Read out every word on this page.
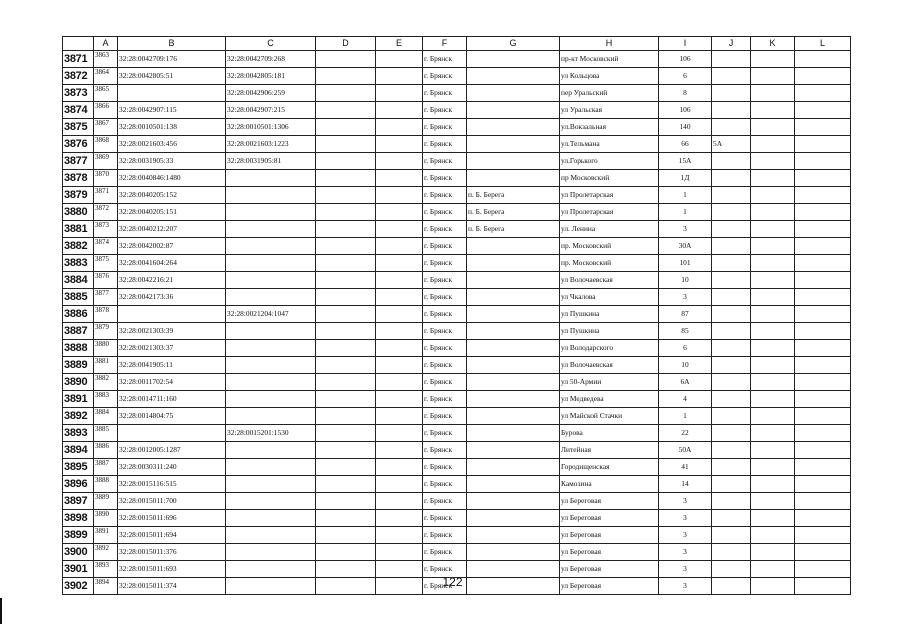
	A	B	C	D	E	F	G	H	I	J	K	L
3871	3863	32:28:0042709:176	32:28:0042709:268			г. Брянск		пр-кт Московский	106			
3872	3864	32:28:0042805:51	32:28:0042805:181			г. Брянск		ул Кольцова	6			
3873	3865		32:28:0042906:259			г. Брянск		пер Уральский	8			
3874	3866	32:28:0042907:115	32:28:0042907:215			г. Брянск		ул Уральская	106			
3875	3867	32:28:0010501:138	32:28:0010501:1306			г. Брянск		ул.Вокзальная	140			
3876	3868	32:28:0021603:456	32:28:0021603:1223			г. Брянск		ул.Тельмана	66	5А		
3877	3869	32:28:0031905:33	32:28:0031905:81			г. Брянск		ул.Горького	15А			
3878	3870	32:28:0040846:1480				г. Брянск		пр Московский	1Д			
3879	3871	32:28:0040205:152				г. Брянск	п. Б. Берега	ул Пролетарская	1			
3880	3872	32:28:0040205:151				г. Брянск	п. Б. Берега	ул Пролетарская	1			
3881	3873	32:28:0040212:207				г. Брянск	п. Б. Берега	ул. Ленина	3			
3882	3874	32:28:0042002:87				г. Брянск		пр. Московский	30А			
3883	3875	32:28:0041604:264				г. Брянск		пр. Московский	101			
3884	3876	32:28:0042216:21				г. Брянск		ул Волочаевская	10			
3885	3877	32:28:0042173:36				г. Брянск		ул Чкалова	3			
3886	3878		32:28:0021204:1047			г. Брянск		ул Пушкина	87			
3887	3879	32:28:0021303:39				г. Брянск		ул Пушкина	85			
3888	3880	32:28:0021303:37				г. Брянск		ул Володарского	6			
3889	3881	32:28:0041905:11				г. Брянск		ул Волочаевская	10			
3890	3882	32:28:0011702:54				г. Брянск		ул 50-Армии	6А			
3891	3883	32:28:0014711:160				г. Брянск		ул Медведева	4			
3892	3884	32:28:0014804:75				г. Брянск		ул Майской Стачки	1			
3893	3885		32:28:0015201:1530			г. Брянск		Бурова	22			
3894	3886	32:28:0012005:1287				г. Брянск		Литейная	50А			
3895	3887	32:28:0030311:240				г. Брянск		Городищенская	41			
3896	3888	32:28:0015116:515				г. Брянск		Камозина	14			
3897	3889	32:28:0015011:700				г. Брянск		ул Береговая	3			
3898	3890	32:28:0015011:696				г. Брянск		ул Береговая	3			
3899	3891	32:28:0015011:694				г. Брянск		ул Береговая	3			
3900	3892	32:28:0015011:376				г. Брянск		ул Береговая	3			
3901	3893	32:28:0015011:693				г. Брянск		ул Береговая	3			
3902	3894	32:28:0015011:374				г. Брянск		ул Береговая	3			
122
